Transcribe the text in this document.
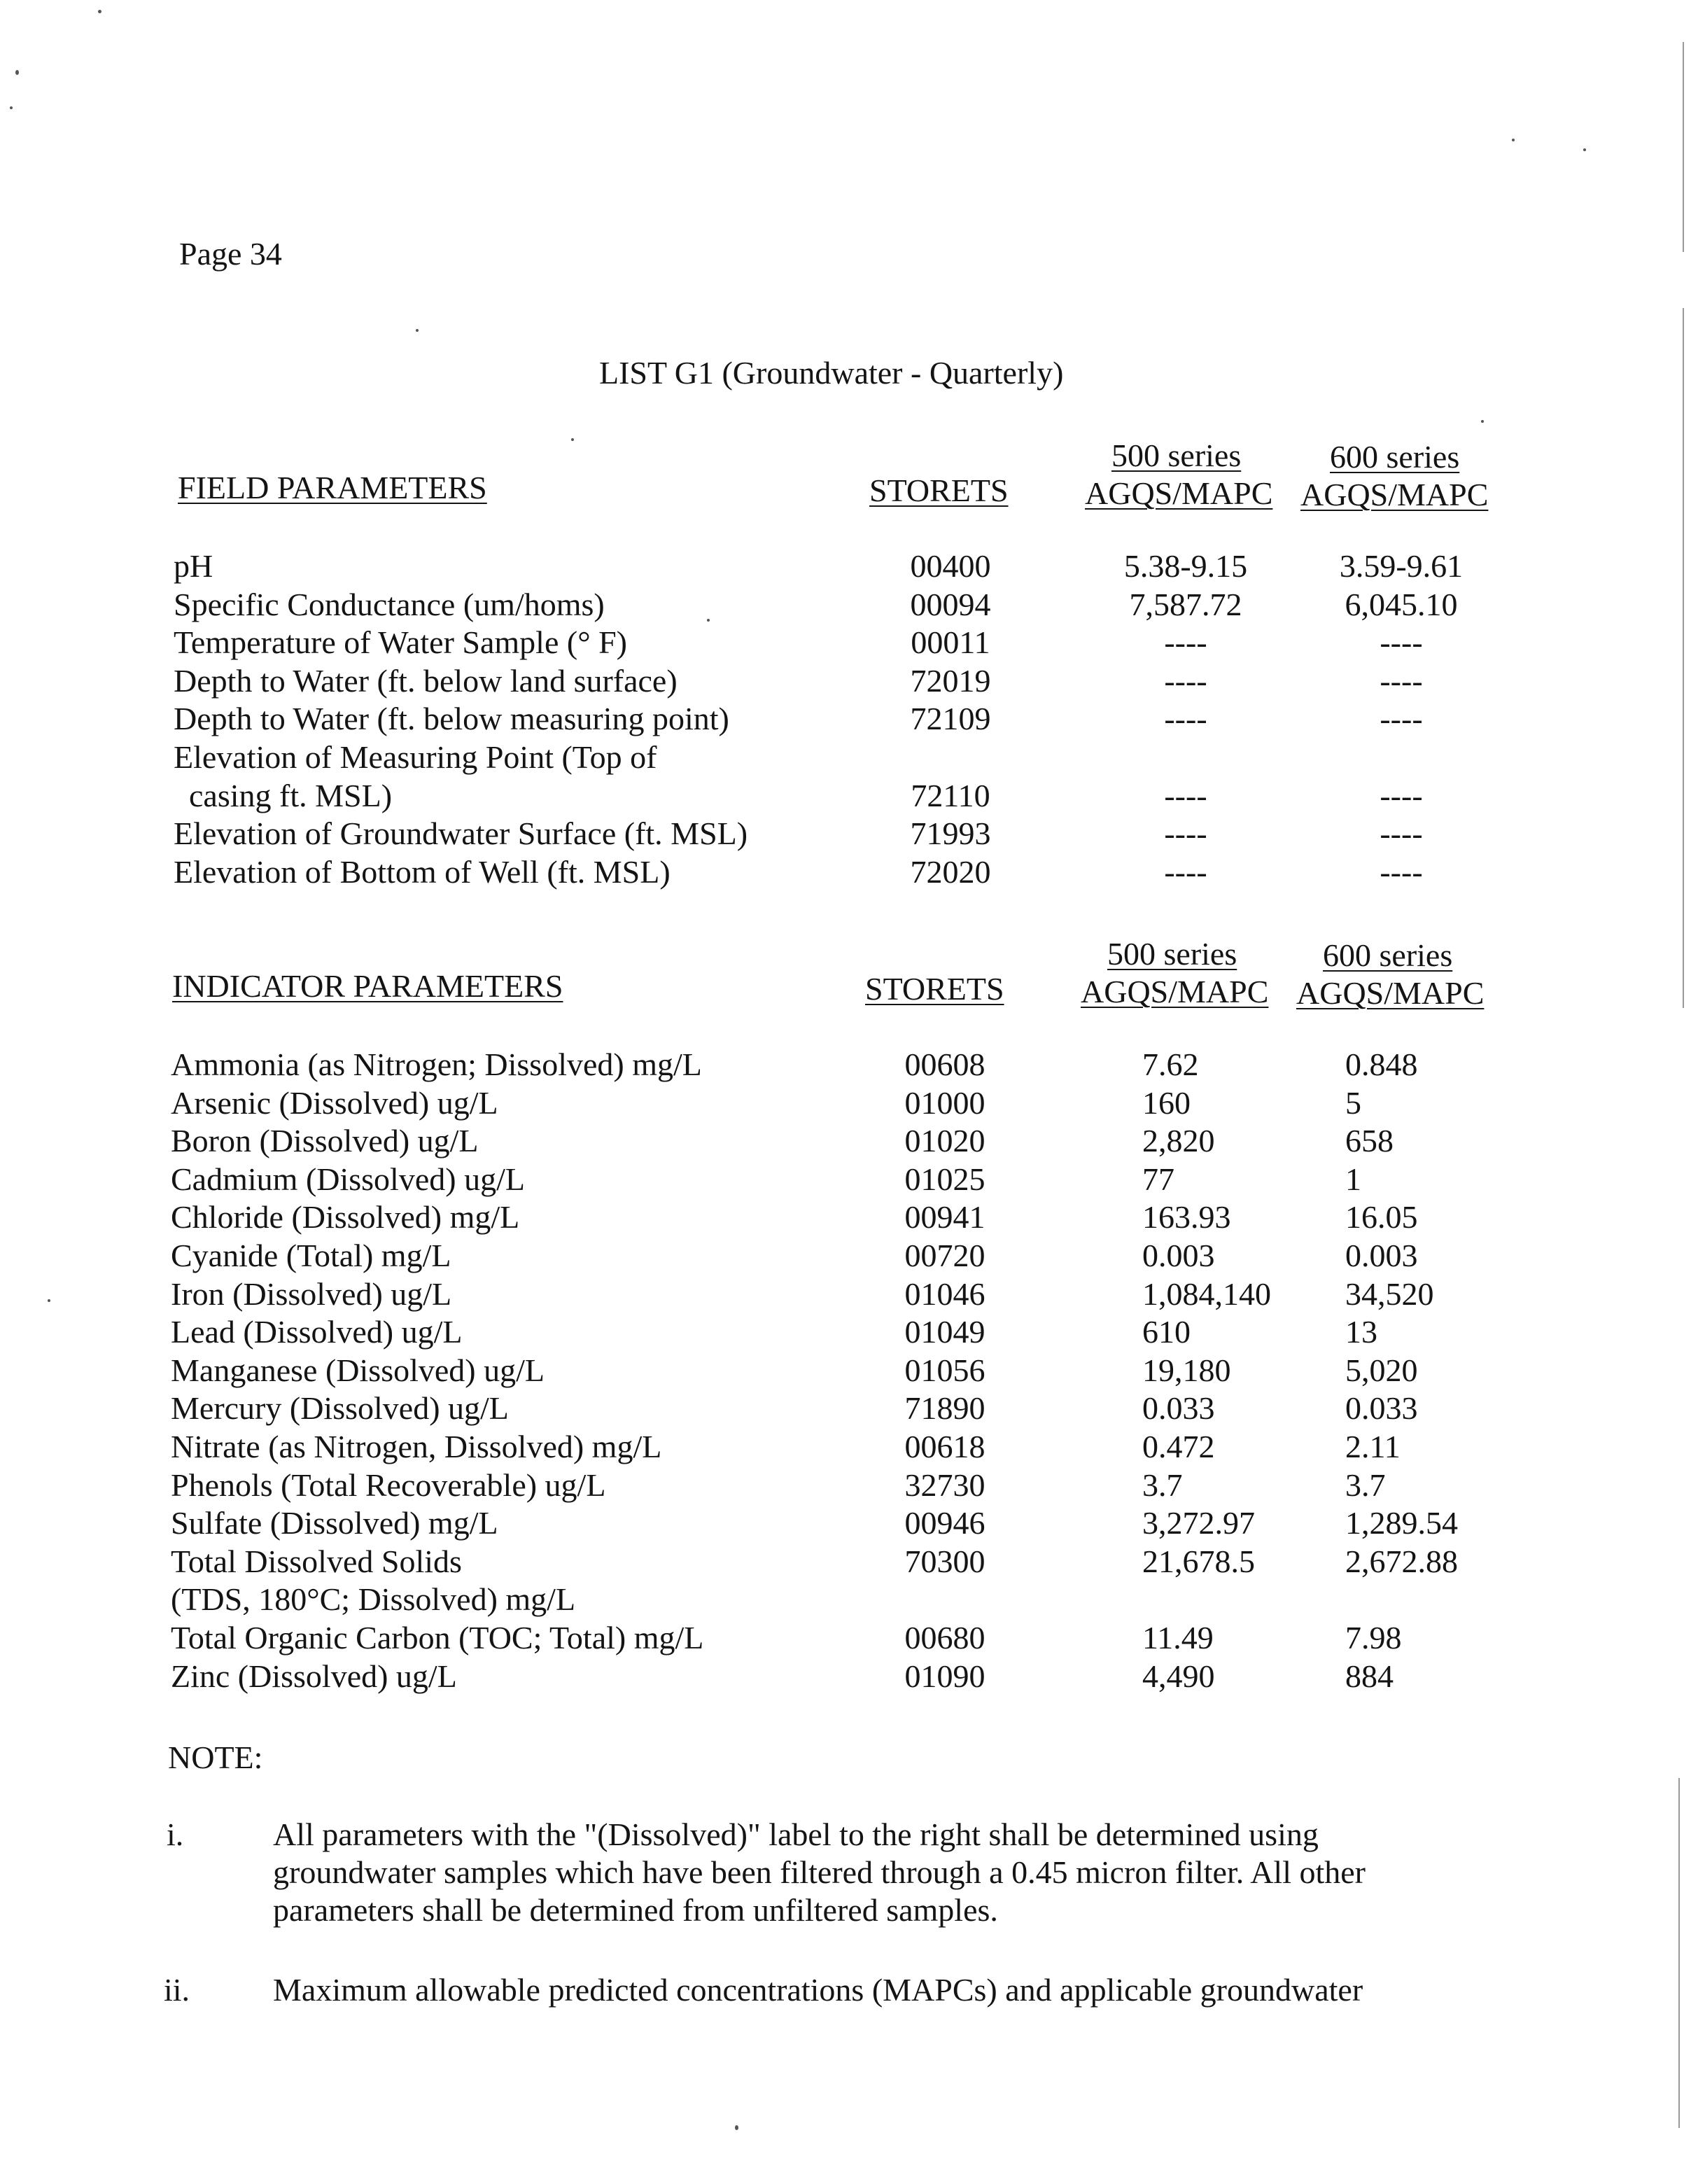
Page 34
LIST G1 (Groundwater - Quarterly)
FIELD PARAMETERS	STORETS
500 series
AGQS/MAPC
600 series
AGQS/MAPC
pH	00400	5.38-9.15	3.59-9.61
Specific Conductance (um/homs)	00094	7,587.72	6,045.10
Temperature of Water Sample (° F)	00011	----	----
Depth to Water (ft. below land surface)	72019	----	----
Depth to Water (ft. below measuring point)	72109	----	----
Elevation of Measuring Point (Top of
casing ft. MSL)	72110	----	----
Elevation of Groundwater Surface (ft. MSL)	71993	----	----
Elevation of Bottom of Well (ft. MSL)	72020	----	----
INDICATOR PARAMETERS	STORETS
500 series
AGQS/MAPC
600 series
AGQS/MAPC
Ammonia (as Nitrogen; Dissolved) mg/L	00608	7.62	0.848
Arsenic (Dissolved) ug/L	01000	160	5
Boron (Dissolved) ug/L	01020	2,820	658
Cadmium (Dissolved) ug/L	01025	77	1
Chloride (Dissolved) mg/L	00941	163.93	16.05
Cyanide (Total) mg/L	00720	0.003	0.003
Iron (Dissolved) ug/L	01046	1,084,140 34,520
Lead (Dissolved) ug/L	01049	610	13
Manganese (Dissolved) ug/L	01056	19,180	5,020
Mercury (Dissolved) ug/L	71890	0.033	0.033
Nitrate (as Nitrogen, Dissolved) mg/L	00618	0.472	2.11
Phenols (Total Recoverable) ug/L	32730	3.7	3.7
Sulfate (Dissolved) mg/L	00946	3,272.97	1,289.54
Total Dissolved Solids
(TDS, 180°C; Dissolved) mg/L
70300	21,678.5	2,672.88
Total Organic Carbon (TOC; Total) mg/L	00680	11.49	7.98
Zinc (Dissolved) ug/L	01090	4,490	884
NOTE:
i.	All parameters with the "(Dissolved)" label to the right shall be determined using groundwater samples which have been filtered through a 0.45 micron filter. All other parameters shall be determined from unfiltered samples.
ii.	Maximum allowable predicted concentrations (MAPCs) and applicable groundwater
